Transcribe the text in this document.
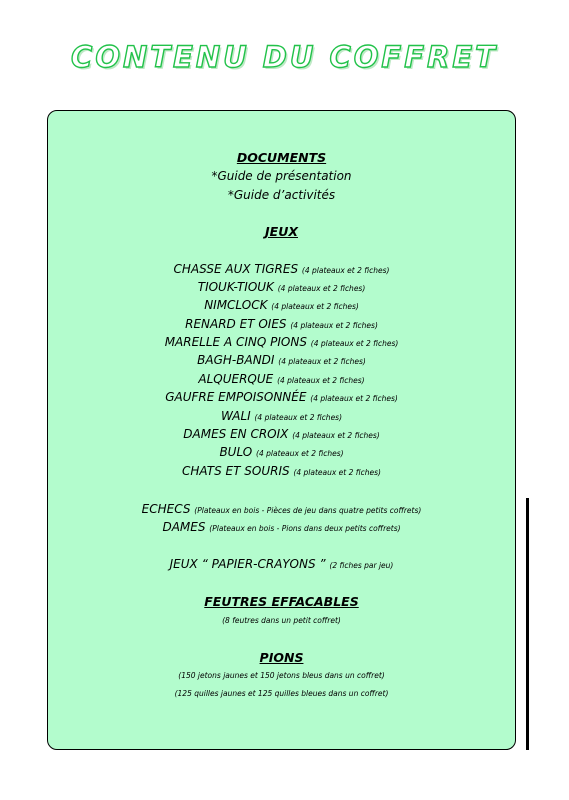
CONTENU DU COFFRET
DOCUMENTS
*Guide de présentation
*Guide d’activités
JEUX
CHASSE AUX TIGRES (4 plateaux et 2 fiches)
TIOUK-TIOUK (4 plateaux et 2 fiches)
NIMCLOCK (4 plateaux et 2 fiches)
RENARD ET OIES (4 plateaux et 2 fiches)
MARELLE A CINQ PIONS (4 plateaux et 2 fiches)
BAGH-BANDI (4 plateaux et 2 fiches)
ALQUERQUE (4 plateaux et 2 fiches)
GAUFRE EMPOISONNÉE (4 plateaux et 2 fiches)
WALI (4 plateaux et 2 fiches)
DAMES EN CROIX (4 plateaux et 2 fiches)
BULO (4 plateaux et 2 fiches)
CHATS ET SOURIS (4 plateaux et 2 fiches)
ECHECS (Plateaux en bois - Pièces de jeu dans quatre petits coffrets)
DAMES (Plateaux en bois - Pions dans deux petits coffrets)
JEUX “ PAPIER-CRAYONS ” (2 fiches par jeu)
FEUTRES EFFACABLES
(8 feutres dans un petit coffret)
PIONS
(150 jetons jaunes et 150 jetons bleus dans un coffret)
(125 quilles jaunes et 125 quilles bleues dans un coffret)
